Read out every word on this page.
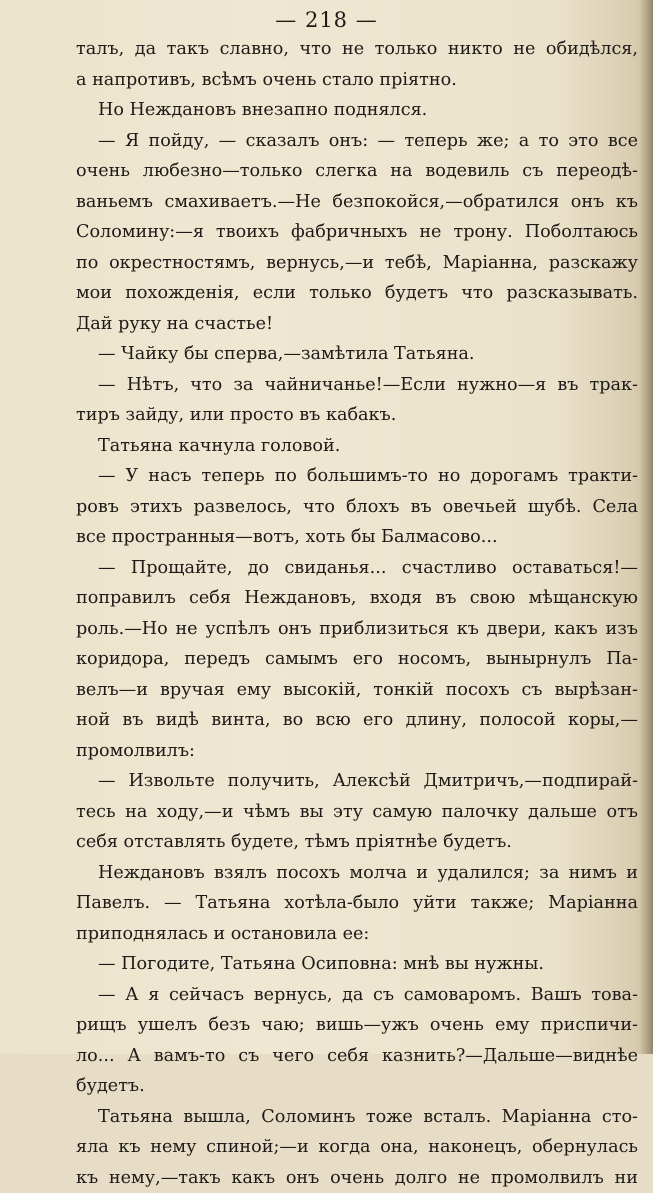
— 218 —
талъ, да такъ славно, что не только никто не обидѣлся,
а напротивъ, всѣмъ очень стало пріятно.
Но Неждановъ внезапно поднялся.
— Я пойду, — сказалъ онъ: — теперь же; а то это все
очень любезно—только слегка на водевиль съ переодѣ-
ваньемъ смахиваетъ.—Не безпокойся,—обратился онъ къ
Соломину:—я твоихъ фабричныхъ не трону. Поболтаюсь
по окрестностямъ, вернусь,—и тебѣ, Маріанна, разскажу
мои похожденія, если только будетъ что разсказывать.
Дай руку на счастье!
— Чайку бы сперва,—замѣтила Татьяна.
— Нѣтъ, что за чайничанье!—Если нужно—я въ трак-
тиръ зайду, или просто въ кабакъ.
Татьяна качнула головой.
— У насъ теперь по большимъ-то но дорогамъ тракти-
ровъ этихъ развелось, что блохъ въ овечьей шубѣ. Села
все пространныя—вотъ, хоть бы Балмасово...
— Прощайте, до свиданья... счастливо оставаться!—
поправилъ себя Неждановъ, входя въ свою мѣщанскую
роль.—Но не успѣлъ онъ приблизиться къ двери, какъ изъ
коридора, передъ самымъ его носомъ, вынырнулъ Па-
велъ—и вручая ему высокій, тонкій посохъ съ вырѣзан-
ной въ видѣ винта, во всю его длину, полосой коры,—
промолвилъ:
— Извольте получить, Алексѣй Дмитричъ,—подпирай-
тесь на ходу,—и чѣмъ вы эту самую палочку дальше отъ
себя отставлять будете, тѣмъ пріятнѣе будетъ.
Неждановъ взялъ посохъ молча и удалился; за нимъ и
Павелъ. — Татьяна хотѣла-было уйти также; Маріанна
приподнялась и остановила ее:
— Погодите, Татьяна Осиповна: мнѣ вы нужны.
— А я сейчасъ вернусь, да съ самоваромъ. Вашъ това-
рищъ ушелъ безъ чаю; вишь—ужъ очень ему приспичи-
ло... А вамъ-то съ чего себя казнить?—Дальше—виднѣе
будетъ.
Татьяна вышла, Соломинъ тоже всталъ. Маріанна сто-
яла къ нему спиной;—и когда она, наконецъ, обернулась
къ нему,—такъ какъ онъ очень долго не промолвилъ ни
